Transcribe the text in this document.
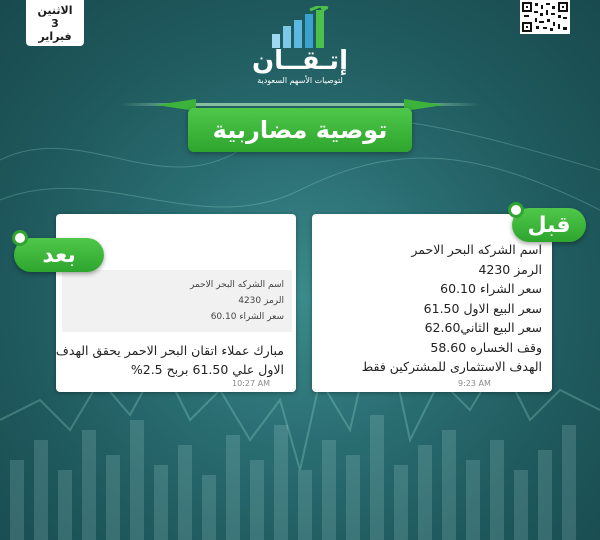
الاثنين
3
فبراير
إتـقــان
لتوصيات الأسهم السعودية
توصية مضاربية
اسم الشركه البحر الاحمر
الرمز 4230
سعر الشراء 60.10
سعر البيع الاول 61.50
سعر البيع الثاني62.60
وقف الخساره 58.60
الهدف الاستثمارى للمشتركين فقط
9:23 AM
قبل
اسم الشركه البحر الاحمر
الرمز 4230
سعر الشراء 60.10
مبارك عملاء اتقان البحر الاحمر يحقق الهدف
الاول علي 61.50 بربح 2.5%
10:27 AM
بعد
